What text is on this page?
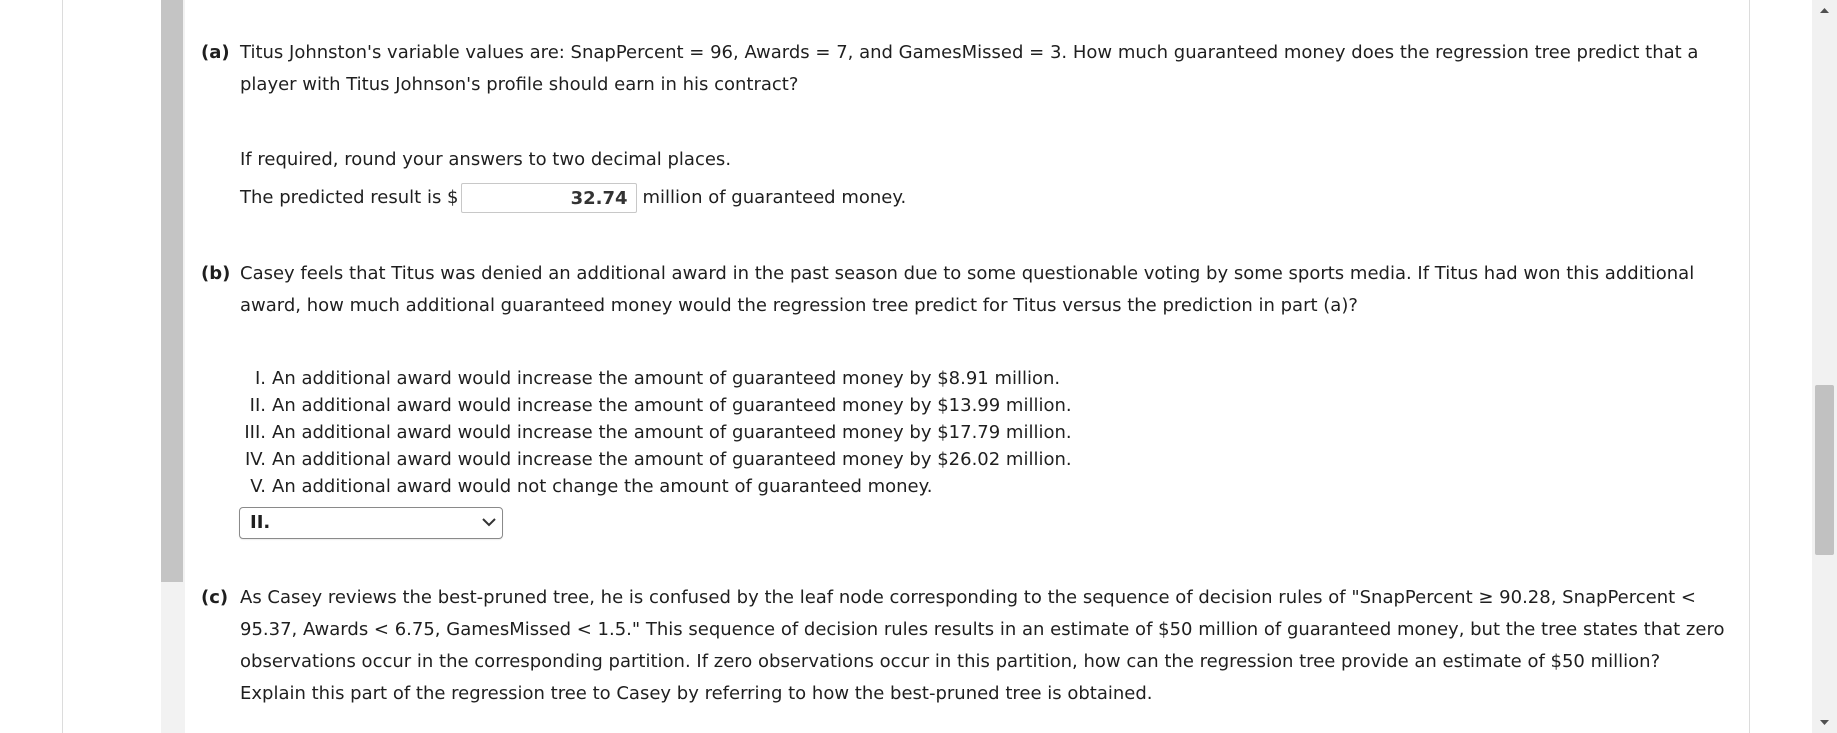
(a) Titus Johnston's variable values are: SnapPercent = 96, Awards = 7, and GamesMissed = 3. How much guaranteed money does the regression tree predict that a
player with Titus Johnson's profile should earn in his contract?
If required, round your answers to two decimal places.
The predicted result is $	32.74 million of guaranteed money.
(b) Casey feels that Titus was denied an additional award in the past season due to some questionable voting by some sports media. If Titus had won this additional
award, how much additional guaranteed money would the regression tree predict for Titus versus the prediction in part (a)?
I. An additional award would increase the amount of guaranteed money by $8.91 million.
II. An additional award would increase the amount of guaranteed money by $13.99 million.
III. An additional award would increase the amount of guaranteed money by $17.79 million.
IV. An additional award would increase the amount of guaranteed money by $26.02 million.
V. An additional award would not change the amount of guaranteed money.
II.
(c) As Casey reviews the best-pruned tree, he is confused by the leaf node corresponding to the sequence of decision rules of "SnapPercent ≥ 90.28, SnapPercent <
95.37, Awards < 6.75, GamesMissed < 1.5." This sequence of decision rules results in an estimate of $50 million of guaranteed money, but the tree states that zero
observations occur in the corresponding partition. If zero observations occur in this partition, how can the regression tree provide an estimate of $50 million?
Explain this part of the regression tree to Casey by referring to how the best-pruned tree is obtained.
